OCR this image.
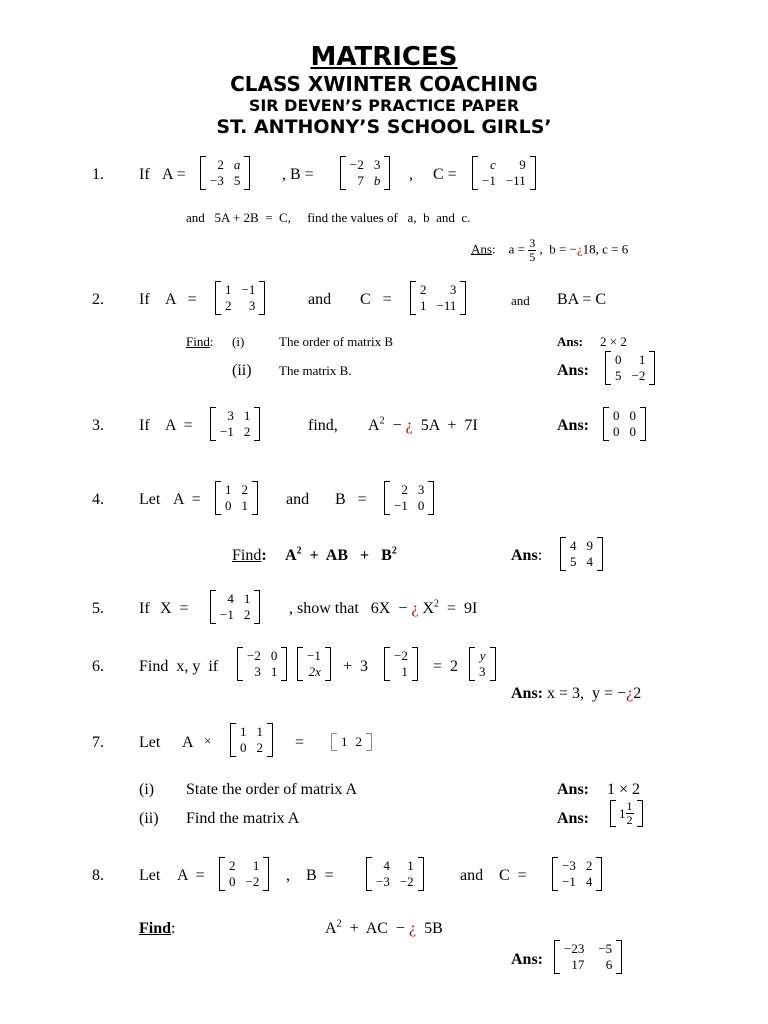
MATRICES
CLASS XWINTER COACHING
SIR DEVEN’S PRACTICE PAPER
ST. ANTHONY’S SCHOOL GIRLS’
1. If A =
2 a
−3 5	, B =
−2 3
7 b , C =
c	9
−1 −11
and   5A + 2B  =  C,     find the values of   a,  b  and  c.
Ans:    $a = \frac{3}{5}$ ,  b = −¿18, c = 6
2. If A   =
1 −1
2	3	and C   =
2	3
1 −11	and BA = C
Find: (i)	The order of matrix B	Ans: 2 × 2
(ii) The matrix B.	Ans:
0	1
5 −2
3. If A  =
3 1
−1 2	find, $A^2$  − ¿  5A  +  7I	Ans:
0 0
0 0
4. Let A  =
1 2
0 1 and B   =
2 3
−1 0
Find: $A^2$  +  AB   +   $B^2$	Ans:
4 9
5 4
5. If X  =
4 1
−1 2 , show that   6X  − ¿ $X^2 = 9I$
6. Find  x, y  if
−2 0
3 1
−1
2x +  3
−2
1 =  2
y
3
Ans: x = 3,  y = −¿2
7. Let A ×
1 1
0 2 =	1 2
(i) State the order of matrix A	Ans: 1 × 2
(ii) Find the matrix A	Ans: $1 \frac{1}{2}$
8. Let A  =
2	1
0 −2 ,    B  =
4	1
−3 −2	and C  =
−3 2
−1 4
Find:	$A^2$  +  AC  − ¿  5B
Ans:
−23 −5
17	6
